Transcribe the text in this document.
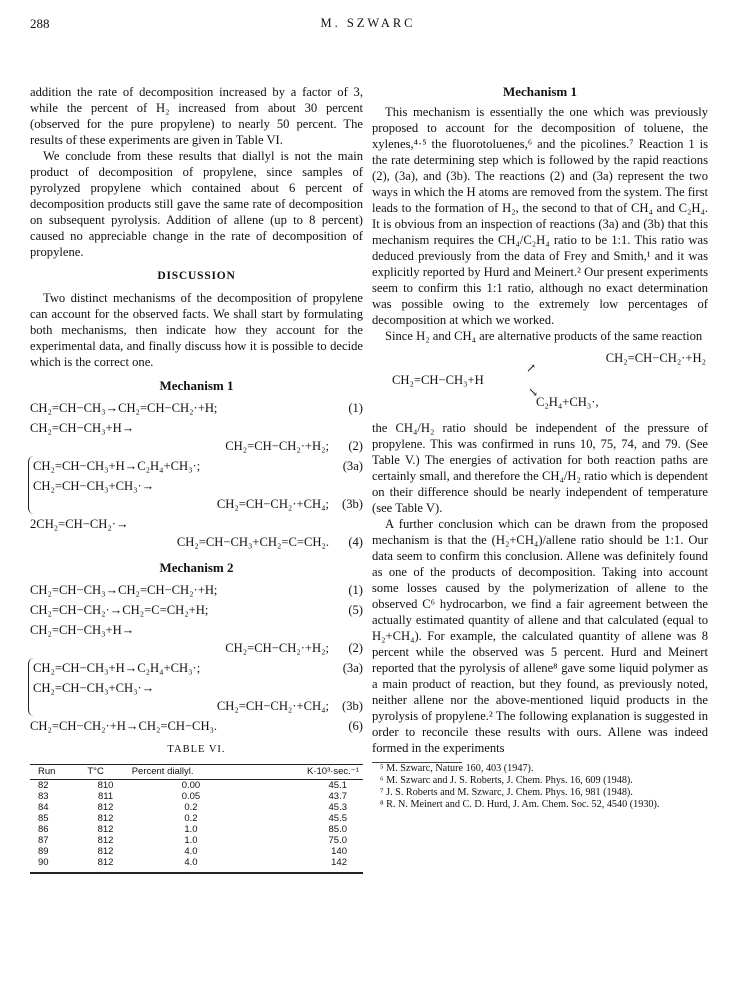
288	M. SZWARC

addition the rate of decomposition increased by a factor of 3, while the percent of H₂ increased from about 30 percent (observed for the pure propylene) to nearly 50 percent. The results of these experiments are given in Table VI.

We conclude from these results that diallyl is not the main product of decomposition of propylene, since samples of pyrolyzed propylene which contained about 6 percent of decomposition products still gave the same rate of decomposition on subsequent pyrolysis. Addition of allene (up to 8 percent) caused no appreciable change in the rate of decomposition of propylene.

DISCUSSION

Two distinct mechanisms of the decomposition of propylene can account for the observed facts. We shall start by formulating both mechanisms, then indicate how they account for the experimental data, and finally discuss how it is possible to decide which is the correct one.

Mechanism 1
CH₂=CH−CH₃→CH₂=CH−CH₂·+H;	(1)
CH₂=CH−CH₃+H→
CH₂=CH−CH₂·+H₂; (2)
CH₂=CH−CH₃+H→C₂H₄+CH₃·;	(3a)
CH₂=CH−CH₃+CH₃·→
CH₂=CH−CH₂·+CH₄; (3b)
2CH₂=CH−CH₂·→
CH₂=CH−CH₃+CH₂=C=CH₂. (4)
Mechanism 2
CH₂=CH−CH₃→CH₂=CH−CH₂·+H;	(1)
CH₂=CH−CH₂·→CH₂=C=CH₂+H;	(5)
CH₂=CH−CH₃+H→
CH₂=CH−CH₂·+H₂; (2)
CH₂=CH−CH₃+H→C₂H₄+CH₃·;	(3a)
CH₂=CH−CH₃+CH₃·→
CH₂=CH−CH₂·+CH₄; (3b)
CH₂=CH−CH₂·+H→CH₂=CH−CH₃.	(6)
TABLE VI.
Run	T°C	Percent diallyl.	K·10³·sec.⁻¹
82	810	0.00	45.1
83	811	0.05	43.7
84	812	0.2	45.3
85	812	0.2	45.5
86	812	1.0	85.0
87	812	1.0	75.0
89	812	4.0	140
90	812	4.0	142
Mechanism 1

This mechanism is essentially the one which was previously proposed to account for the decomposition of toluene, the xylenes,⁴·⁵ the fluorotoluenes,⁶ and the picolines.⁷ Reaction 1 is the rate determining step which is followed by the rapid reactions (2), (3a), and (3b). The reactions (2) and (3a) represent the two ways in which the H atoms are removed from the system. The first leads to the formation of H₂, the second to that of CH₄ and C₂H₄. It is obvious from an inspection of reactions (3a) and (3b) that this mechanism requires the CH₄/C₂H₄ ratio to be 1:1. This ratio was deduced previously from the data of Frey and Smith,¹ and it was explicitly reported by Hurd and Meinert.² Our present experiments seem to confirm this 1:1 ratio, although no exact determination was possible owing to the extremely low percentages of decomposition at which we worked.

Since H₂ and CH₄ are alternative products of the same reaction

CH₂=CH−CH₂·+H₂
↗
CH₂=CH−CH₃+H
↘
C₂H₄+CH₃·,

the CH₄/H₂ ratio should be independent of the pressure of propylene. This was confirmed in runs 10, 75, 74, and 79. (See Table V.) The energies of activation for both reaction paths are certainly small, and therefore the CH₄/H₂ ratio which is dependent on their difference should be nearly independent of temperature (see Table V).

A further conclusion which can be drawn from the proposed mechanism is that the (H₂+CH₄)/allene ratio should be 1:1. Our data seem to confirm this conclusion. Allene was definitely found as one of the products of decomposition. Taking into account some losses caused by the polymerization of allene to the observed C⁶ hydrocarbon, we find a fair agreement between the actually estimated quantity of allene and that calculated (equal to H₂+CH₄). For example, the calculated quantity of allene was 8 percent while the observed was 5 percent. Hurd and Meinert reported that the pyrolysis of allene⁸ gave some liquid polymer as a main product of reaction, but they found, as previously noted, neither allene nor the above-mentioned liquid products in the pyrolysis of propylene.² The following explanation is suggested in order to reconcile these results with ours. Allene was indeed formed in the experiments

⁵ M. Szwarc, Nature 160, 403 (1947).
⁶ M. Szwarc and J. S. Roberts, J. Chem. Phys. 16, 609 (1948).
⁷ J. S. Roberts and M. Szwarc, J. Chem. Phys. 16, 981 (1948).
⁸ R. N. Meinert and C. D. Hurd, J. Am. Chem. Soc. 52, 4540 (1930).
